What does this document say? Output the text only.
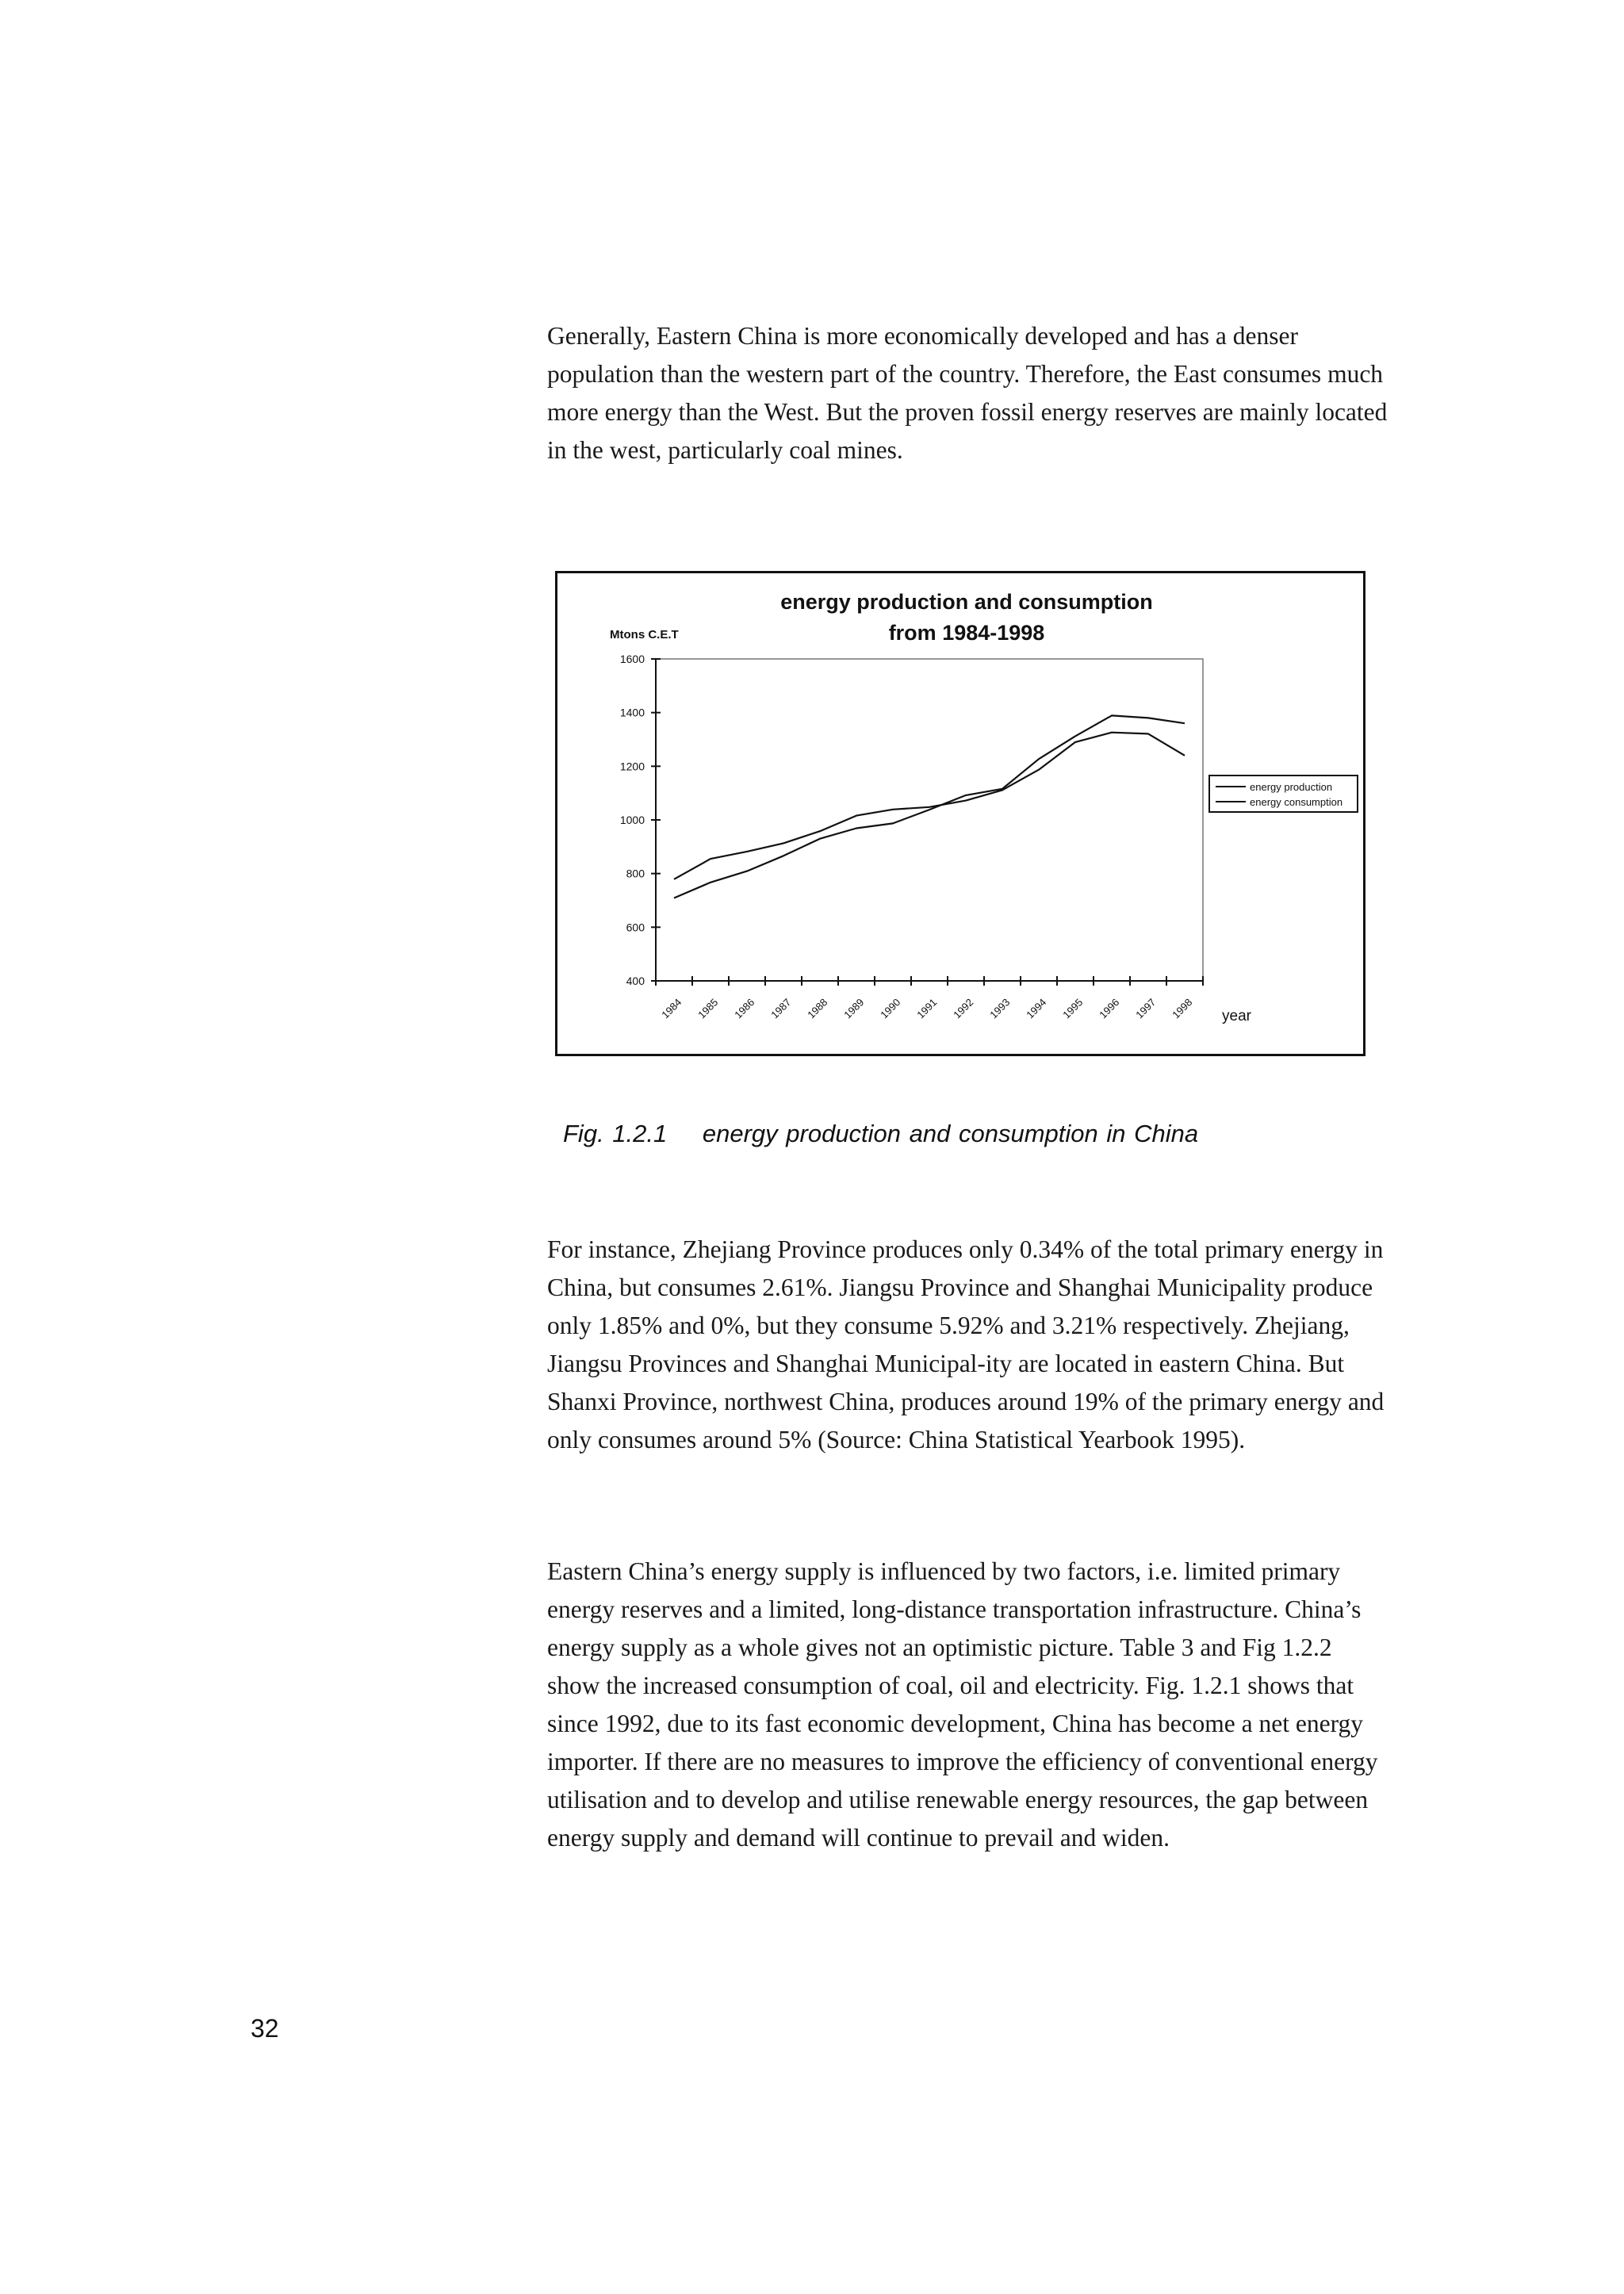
Generally, Eastern China is more economically developed and has a denser population than the western part of the country. Therefore, the East consumes much more energy than the West. But the proven fossil energy reserves are mainly located in the west, particularly coal mines.

energy production and consumption
from 1984-1998
Mtons C.E.T
year
400
600
800
1000
1200
1400
1600
1984 1985 1986 1987 1988 1989 1990 1991 1992 1993 1994 1995 1996 1997 1998
energy production
energy consumption

Fig. 1.2.1 energy production and consumption in China

For instance, Zhejiang Province produces only 0.34% of the total primary energy in China, but consumes 2.61%. Jiangsu Province and Shanghai Municipality produce only 1.85% and 0%, but they consume 5.92% and 3.21% respectively. Zhejiang, Jiangsu Provinces and Shanghai Municipal-ity are located in eastern China. But Shanxi Province, northwest China, produces around 19% of the primary energy and only consumes around 5% (Source: China Statistical Yearbook 1995).

Eastern China’s energy supply is influenced by two factors, i.e. limited primary energy reserves and a limited, long-distance transportation infrastructure. China’s energy supply as a whole gives not an optimistic picture. Table 3 and Fig 1.2.2 show the increased consumption of coal, oil and electricity. Fig. 1.2.1 shows that since 1992, due to its fast economic development, China has become a net energy importer. If there are no measures to improve the efficiency of conventional energy utilisation and to develop and utilise renewable energy resources, the gap between energy supply and demand will continue to prevail and widen.

32
